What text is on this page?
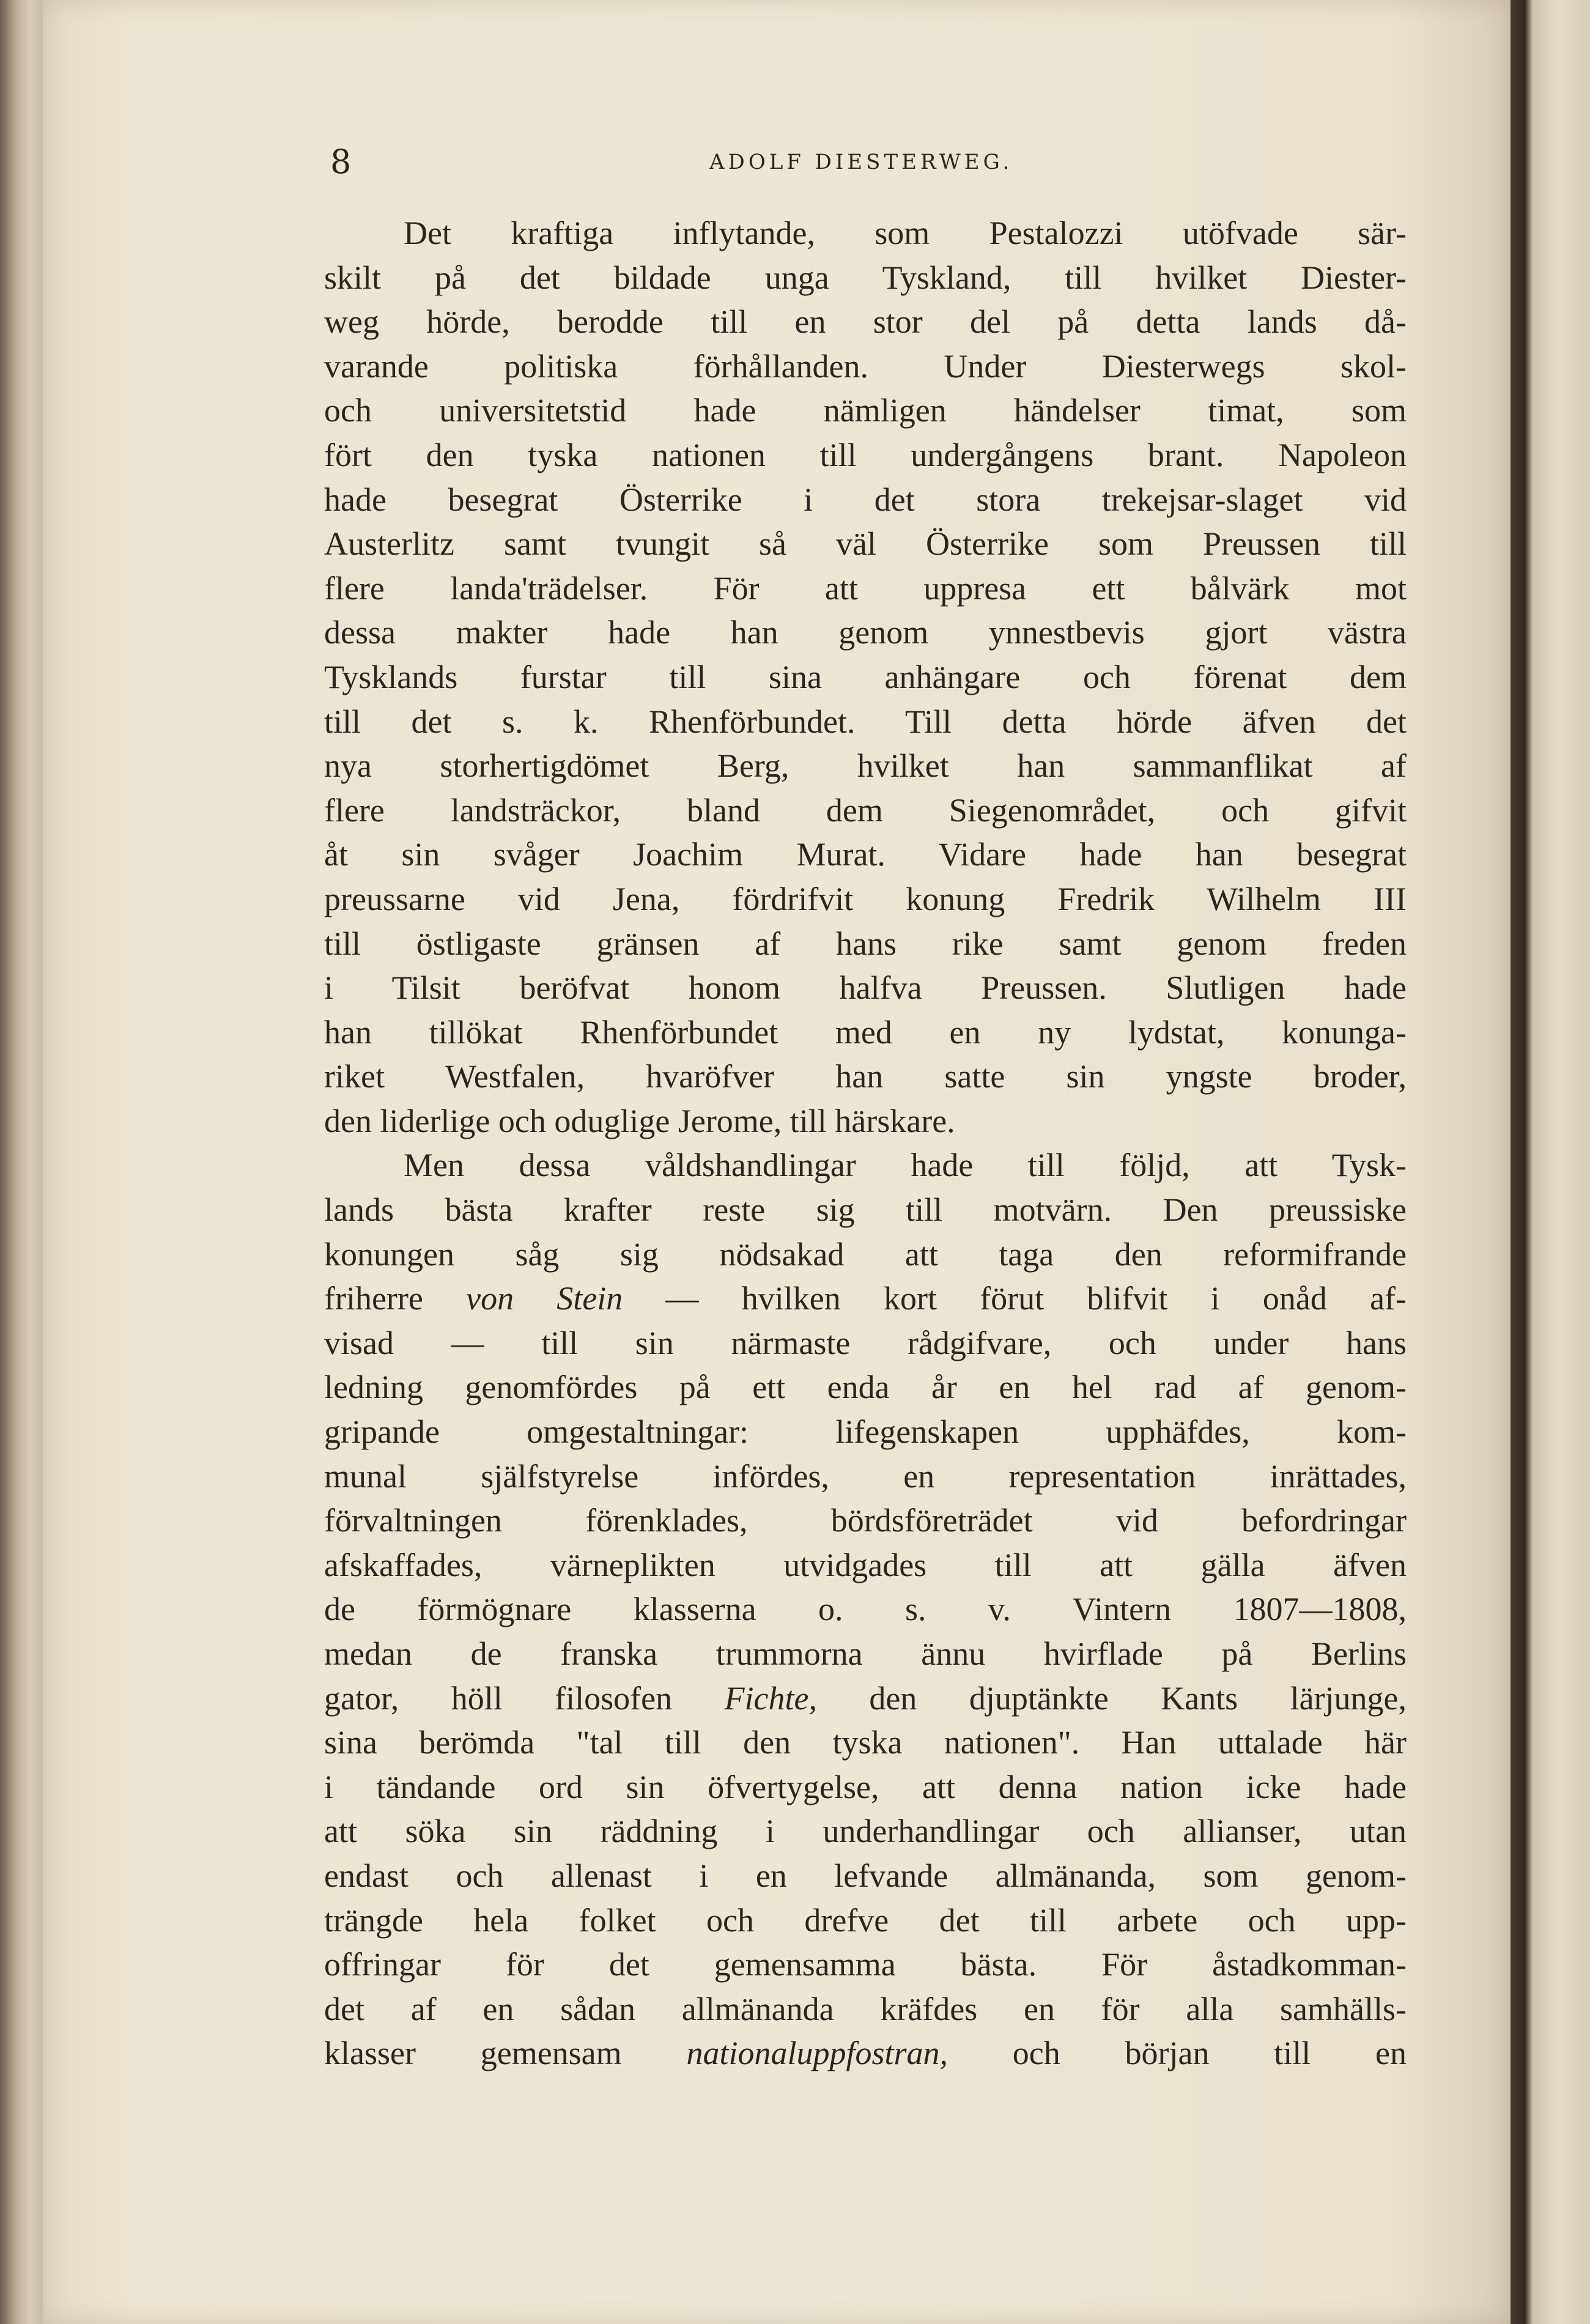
8	ADOLF DIESTERWEG.
Det kraftiga inflytande, som Pestalozzi utöfvade sär-
skilt på det bildade unga Tyskland, till hvilket Diester-
weg hörde, berodde till en stor del på detta lands då-
varande politiska förhållanden. Under Diesterwegs skol-
och universitetstid hade nämligen händelser timat, som
fört den tyska nationen till undergångens brant. Napoleon
hade besegrat Österrike i det stora trekejsar-slaget vid
Austerlitz samt tvungit så väl Österrike som Preussen till
flere landa'trädelser. För att uppresa ett bålvärk mot
dessa makter hade han genom ynnestbevis gjort västra
Tysklands furstar till sina anhängare och förenat dem
till det s. k. Rhenförbundet. Till detta hörde äfven det
nya storhertigdömet Berg, hvilket han sammanflikat af
flere landsträckor, bland dem Siegenområdet, och gifvit
åt sin svåger Joachim Murat. Vidare hade han besegrat
preussarne vid Jena, fördrifvit konung Fredrik Wilhelm III
till östligaste gränsen af hans rike samt genom freden
i Tilsit beröfvat honom halfva Preussen. Slutligen hade
han tillökat Rhenförbundet med en ny lydstat, konunga-
riket Westfalen, hvaröfver han satte sin yngste broder,
den liderlige och oduglige Jerome, till härskare.
Men dessa våldshandlingar hade till följd, att Tysk-
lands bästa krafter reste sig till motvärn. Den preussiske
konungen såg sig nödsakad att taga den reformifrande
friherre von Stein — hvilken kort förut blifvit i onåd af-
visad — till sin närmaste rådgifvare, och under hans
ledning genomfördes på ett enda år en hel rad af genom-
gripande omgestaltningar: lifegenskapen upphäfdes, kom-
munal själfstyrelse infördes, en representation inrättades,
förvaltningen förenklades, bördsföreträdet vid befordringar
afskaffades, värneplikten utvidgades till att gälla äfven
de förmögnare klasserna o. s. v. Vintern 1807—1808,
medan de franska trummorna ännu hvirflade på Berlins
gator, höll filosofen Fichte, den djuptänkte Kants lärjunge,
sina berömda "tal till den tyska nationen". Han uttalade här
i tändande ord sin öfvertygelse, att denna nation icke hade
att söka sin räddning i underhandlingar och allianser, utan
endast och allenast i en lefvande allmänanda, som genom-
trängde hela folket och drefve det till arbete och upp-
offringar för det gemensamma bästa. För åstadkomman-
det af en sådan allmänanda kräfdes en för alla samhälls-
klasser gemensam nationaluppfostran, och början till en
